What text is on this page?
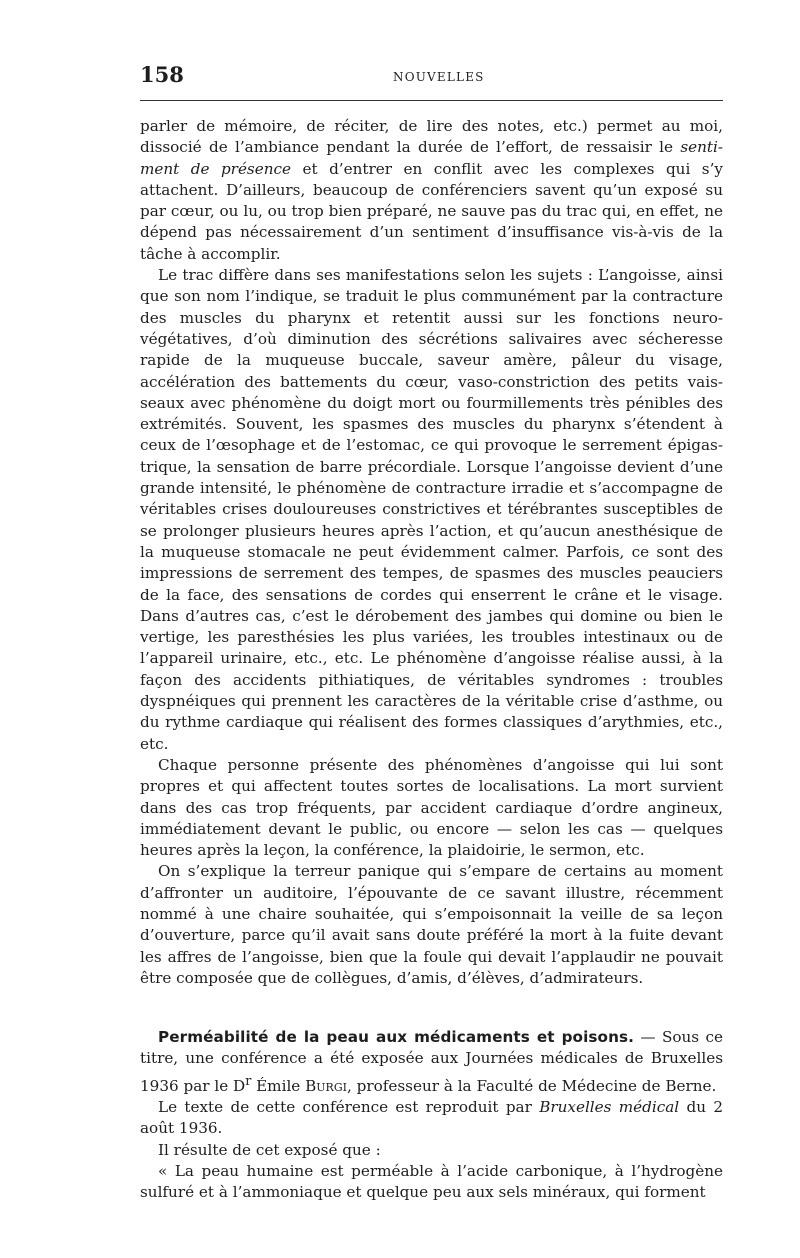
158	NOUVELLES

parler de mémoire, de réciter, de lire des notes, etc.) permet au moi, dissocié de l’ambiance pendant la durée de l’effort, de ressaisir le sentiment de présence et d’entrer en conflit avec les complexes qui s’y attachent. D’ailleurs, beaucoup de conférenciers savent qu’un exposé su par cœur, ou lu, ou trop bien préparé, ne sauve pas du trac qui, en effet, ne dépend pas nécessairement d’un sentiment d’insuffisance vis-à-vis de la tâche à accomplir.

Le trac diffère dans ses manifestations selon les sujets : L’angoisse, ainsi que son nom l’indique, se traduit le plus communément par la contracture des muscles du pharynx et retentit aussi sur les fonctions neuro-végétatives, d’où diminution des sécrétions salivaires avec sécheresse rapide de la muqueuse buccale, saveur amère, pâleur du visage, accélération des battements du cœur, vaso-constriction des petits vaisseaux avec phénomène du doigt mort ou fourmillements très pénibles des extrémités. Souvent, les spasmes des muscles du pharynx s’étendent à ceux de l’œsophage et de l’estomac, ce qui provoque le serrement épigastrique, la sensation de barre précordiale. Lorsque l’angoisse devient d’une grande intensité, le phénomène de contracture irradie et s’accompagne de véritables crises douloureuses constrictives et térébrantes susceptibles de se prolonger plusieurs heures après l’action, et qu’aucun anesthésique de la muqueuse stomacale ne peut évidemment calmer. Parfois, ce sont des impressions de serrement des tempes, de spasmes des muscles peauciers de la face, des sensations de cordes qui enserrent le crâne et le visage. Dans d’autres cas, c’est le dérobement des jambes qui domine ou bien le vertige, les paresthésies les plus variées, les troubles intestinaux ou de l’appareil urinaire, etc., etc. Le phénomène d’angoisse réalise aussi, à la façon des accidents pithiatiques, de véritables syndromes : troubles dyspnéiques qui prennent les caractères de la véritable crise d’asthme, ou du rythme cardiaque qui réalisent des formes classiques d’arythmies, etc., etc.

Chaque personne présente des phénomènes d’angoisse qui lui sont propres et qui affectent toutes sortes de localisations. La mort survient dans des cas trop fréquents, par accident cardiaque d’ordre angineux, immédiatement devant le public, ou encore — selon les cas — quelques heures après la leçon, la conférence, la plaidoirie, le sermon, etc.

On s’explique la terreur panique qui s’empare de certains au moment d’affronter un auditoire, l’épouvante de ce savant illustre, récemment nommé à une chaire souhaitée, qui s’empoisonnait la veille de sa leçon d’ouverture, parce qu’il avait sans doute préféré la mort à la fuite devant les affres de l’angoisse, bien que la foule qui devait l’applaudir ne pouvait être composée que de collègues, d’amis, d’élèves, d’admirateurs.

Perméabilité de la peau aux médicaments et poisons. — Sous ce titre, une conférence a été exposée aux Journées médicales de Bruxelles 1936 par le $D^r$ Émile Burgi, professeur à la Faculté de Médecine de Berne.

Le texte de cette conférence est reproduit par Bruxelles médical du 2 août 1936.

Il résulte de cet exposé que :

« La peau humaine est perméable à l’acide carbonique, à l’hydrogène sulfuré et à l’ammoniaque et quelque peu aux sels minéraux, qui forment
